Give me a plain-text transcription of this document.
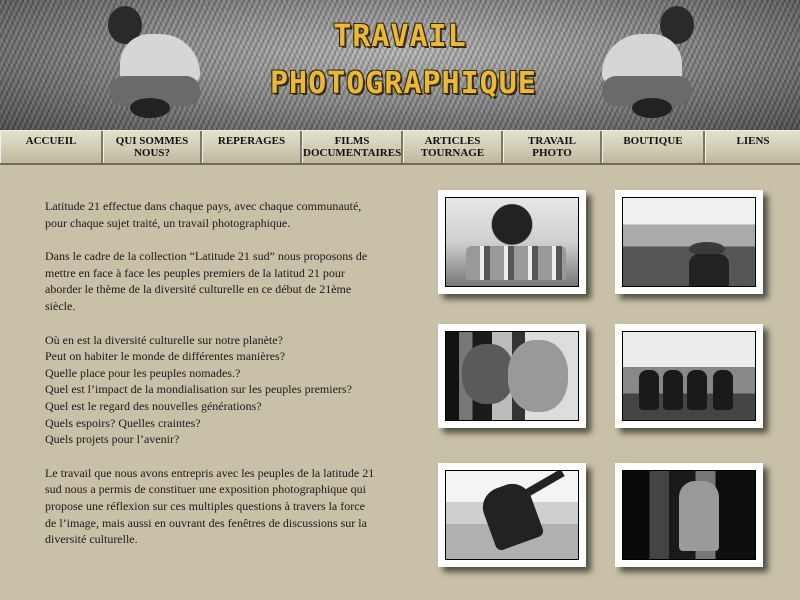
TRAVAIL
PHOTOGRAPHIQUE
ACCUEIL	QUI SOMMES
NOUS?
REPERAGES	FILMS
DOCUMENTAIRES
ARTICLES
TOURNAGE
TRAVAIL
PHOTO
BOUTIQUE	LIENS

Latitude 21 effectue dans chaque pays, avec chaque communauté, pour chaque sujet traité, un travail photographique.

Dans le cadre de la collection “Latitude 21 sud” nous proposons de mettre en face à face les peuples premiers de la latitud 21 pour aborder le thème de la diversité culturelle en ce début de 21ème siècle.

Où en est la diversité culturelle sur notre planète?
Peut on habiter le monde de différentes manières?
Quelle place pour les peuples nomades.?
Quel est l’impact de la mondialisation sur les peuples premiers?
Quel est le regard des nouvelles générations?
Quels espoirs? Quelles craintes?
Quels projets pour l’avenir?

Le travail que nous avons entrepris avec les peuples de la latitude 21 sud nous a permis de constituer une exposition photographique qui propose une réflexion sur ces multiples questions à travers la force de l’image, mais aussi en ouvrant des fenêtres de discussions sur la diversité culturelle.
